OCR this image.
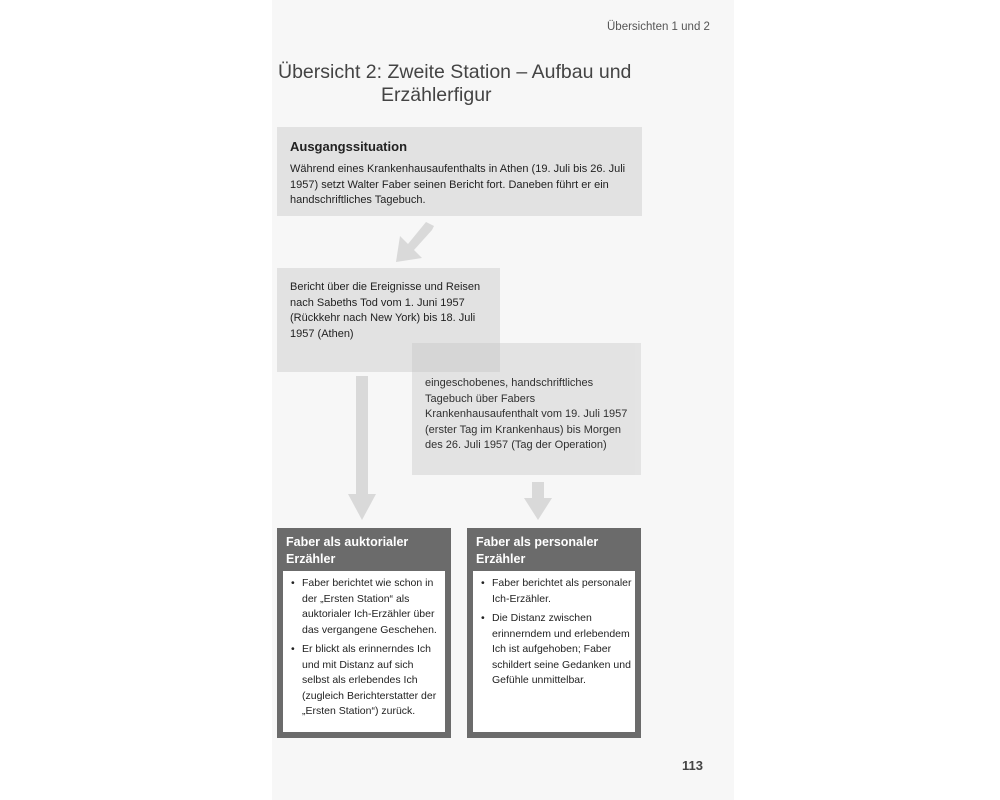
Übersichten 1 und 2
Übersicht 2: Zweite Station – Aufbau und
Erzählerfigur
Ausgangssituation

Während eines Krankenhausaufenthalts in Athen (19. Juli bis 26. Juli 1957) setzt Walter Faber seinen Bericht fort. Daneben führt er ein handschriftliches Tagebuch.

Bericht über die Ereignisse und Reisen nach Sabeths Tod vom 1. Juni 1957 (Rückkehr nach New York) bis 18. Juli 1957 (Athen)

eingeschobenes, handschriftliches Tagebuch über Fabers Krankenhausaufenthalt vom 19. Juli 1957 (erster Tag im Krankenhaus) bis Morgen des 26. Juli 1957 (Tag der Operation)

Faber als auktorialer Erzähler
• Faber berichtet wie schon in der „Ersten Station“ als auktorialer Ich-Erzähler über das vergangene Geschehen.
• Er blickt als erinnerndes Ich und mit Distanz auf sich selbst als erlebendes Ich (zugleich Berichterstatter der „Ersten Station“) zurück.
Faber als personaler Erzähler
• Faber berichtet als personaler Ich-Erzähler.
• Die Distanz zwischen erinnerndem und erlebendem Ich ist aufgehoben; Faber schildert seine Gedanken und Gefühle unmittelbar.
113
